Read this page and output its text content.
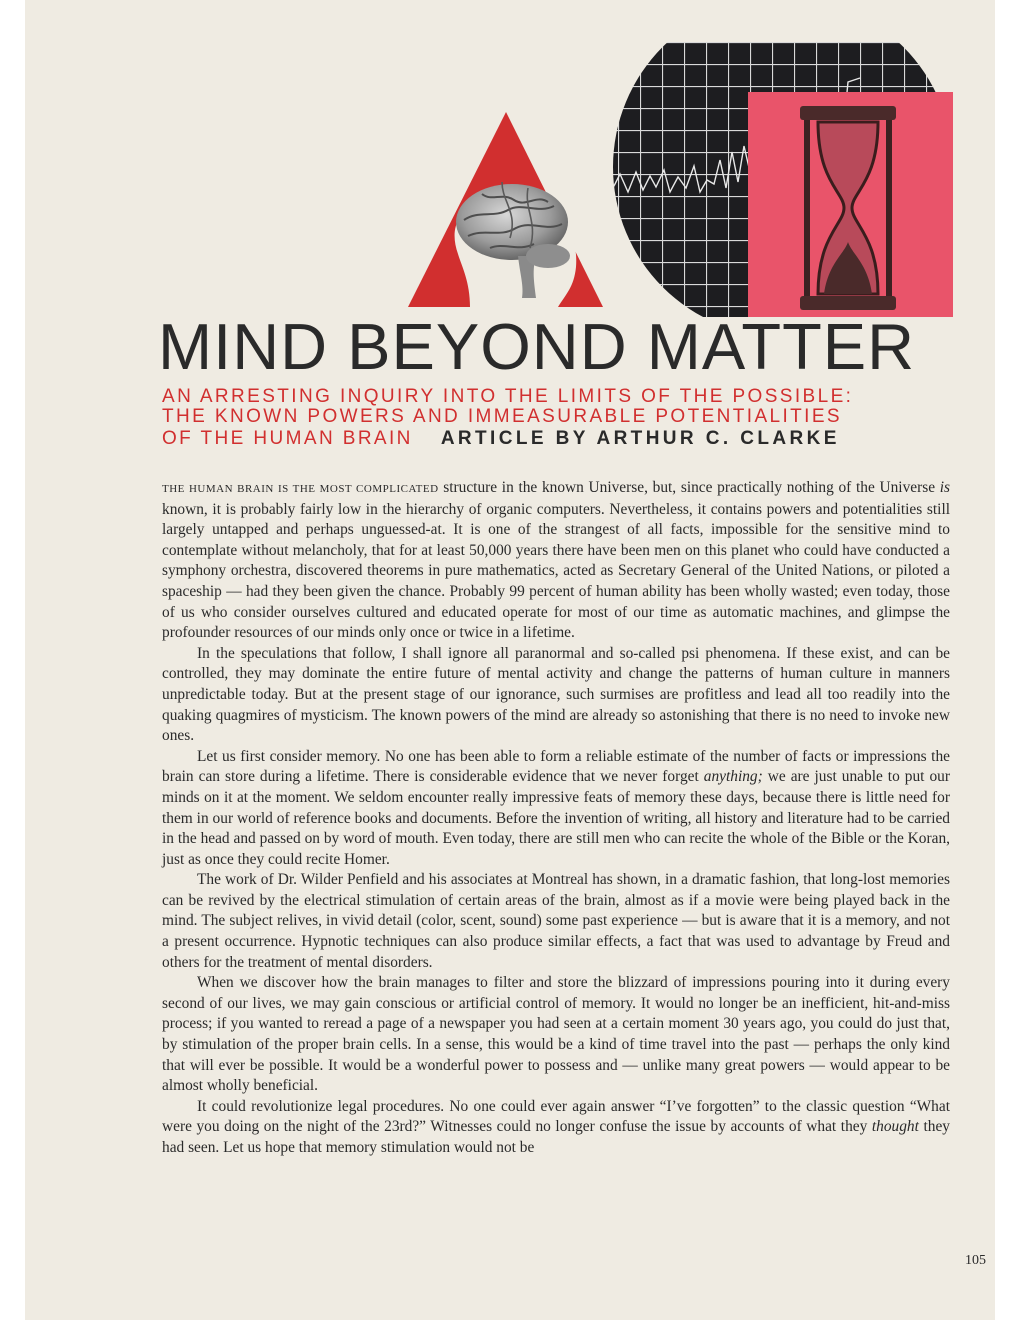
MIND BEYOND MATTER
AN ARRESTING INQUIRY INTO THE LIMITS OF THE POSSIBLE:
THE KNOWN POWERS AND IMMEASURABLE POTENTIALITIES
OF THE HUMAN BRAIN ARTICLE BY ARTHUR C. CLARKE

THE HUMAN BRAIN IS THE MOST COMPLICATED structure in the known Universe, but, since practically nothing of the Universe is known, it is probably fairly low in the hierarchy of organic computers. Nevertheless, it contains powers and potentialities still largely untapped and perhaps unguessed-at. It is one of the strangest of all facts, impossible for the sensitive mind to contemplate without melancholy, that for at least 50,000 years there have been men on this planet who could have conducted a symphony orchestra, discovered theorems in pure mathematics, acted as Secretary General of the United Nations, or piloted a spaceship — had they been given the chance. Probably 99 percent of human ability has been wholly wasted; even today, those of us who consider ourselves cultured and educated operate for most of our time as automatic machines, and glimpse the profounder resources of our minds only once or twice in a lifetime.

In the speculations that follow, I shall ignore all paranormal and so-called psi phenomena. If these exist, and can be controlled, they may dominate the entire future of mental activity and change the patterns of human culture in manners unpredictable today. But at the present stage of our ignorance, such surmises are profitless and lead all too readily into the quaking quagmires of mysticism. The known powers of the mind are already so astonishing that there is no need to invoke new ones.

Let us first consider memory. No one has been able to form a reliable estimate of the number of facts or impressions the brain can store during a lifetime. There is considerable evidence that we never forget anything; we are just unable to put our minds on it at the moment. We seldom encounter really impressive feats of memory these days, because there is little need for them in our world of reference books and documents. Before the invention of writing, all history and literature had to be carried in the head and passed on by word of mouth. Even today, there are still men who can recite the whole of the Bible or the Koran, just as once they could recite Homer.

The work of Dr. Wilder Penfield and his associates at Montreal has shown, in a dramatic fashion, that long-lost memories can be revived by the electrical stimulation of certain areas of the brain, almost as if a movie were being played back in the mind. The subject relives, in vivid detail (color, scent, sound) some past experience — but is aware that it is a memory, and not a present occurrence. Hypnotic techniques can also produce similar effects, a fact that was used to advantage by Freud and others for the treatment of mental disorders.

When we discover how the brain manages to filter and store the blizzard of impressions pouring into it during every second of our lives, we may gain conscious or artificial control of memory. It would no longer be an inefficient, hit-and-miss process; if you wanted to reread a page of a newspaper you had seen at a certain moment 30 years ago, you could do just that, by stimulation of the proper brain cells. In a sense, this would be a kind of time travel into the past — perhaps the only kind that will ever be possible. It would be a wonderful power to possess and — unlike many great powers — would appear to be almost wholly beneficial.

It could revolutionize legal procedures. No one could ever again answer “I’ve forgotten” to the classic question “What were you doing on the night of the 23rd?” Witnesses could no longer confuse the issue by accounts of what they thought they had seen. Let us hope that memory stimulation would not be

105
